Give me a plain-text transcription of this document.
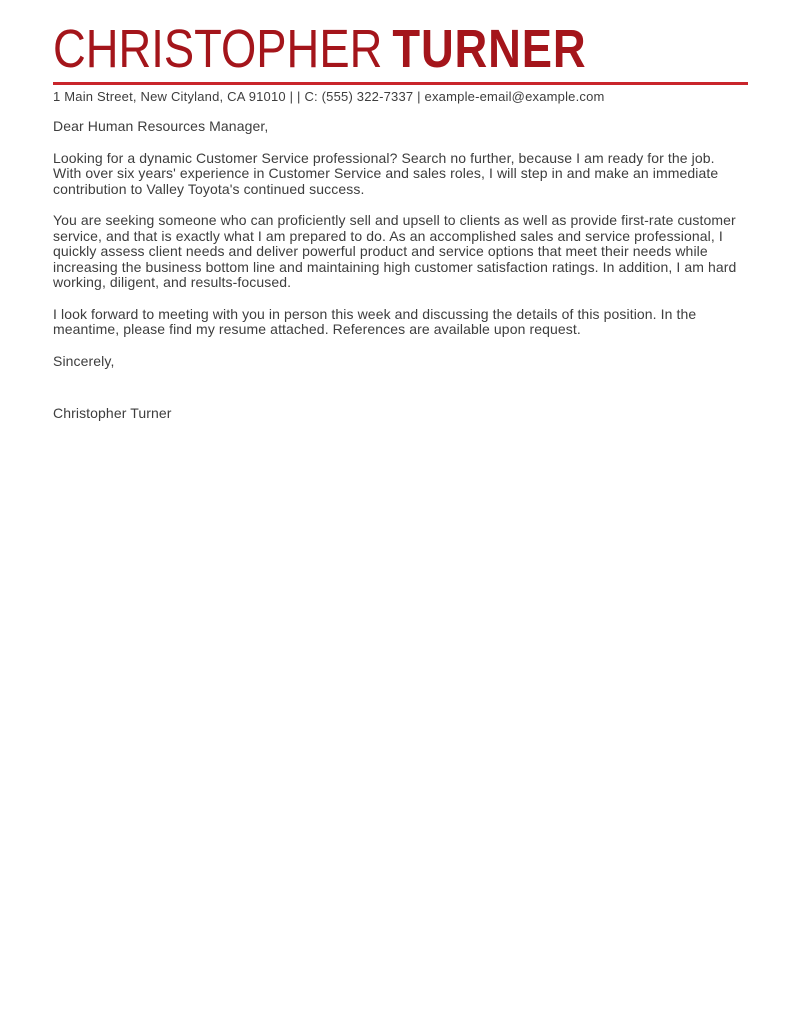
CHRISTOPHER TURNER
1 Main Street, New Cityland, CA 91010 | | C: (555) 322-7337 | example-email@example.com

Dear Human Resources Manager,

Looking for a dynamic Customer Service professional? Search no further, because I am ready for the job. With over six years' experience in Customer Service and sales roles, I will step in and make an immediate contribution to Valley Toyota's continued success.

You are seeking someone who can proficiently sell and upsell to clients as well as provide first-rate customer service, and that is exactly what I am prepared to do. As an accomplished sales and service professional, I quickly assess client needs and deliver powerful product and service options that meet their needs while increasing the business bottom line and maintaining high customer satisfaction ratings. In addition, I am hard working, diligent, and results-focused.

I look forward to meeting with you in person this week and discussing the details of this position. In the meantime, please find my resume attached. References are available upon request.

Sincerely,

Christopher Turner
